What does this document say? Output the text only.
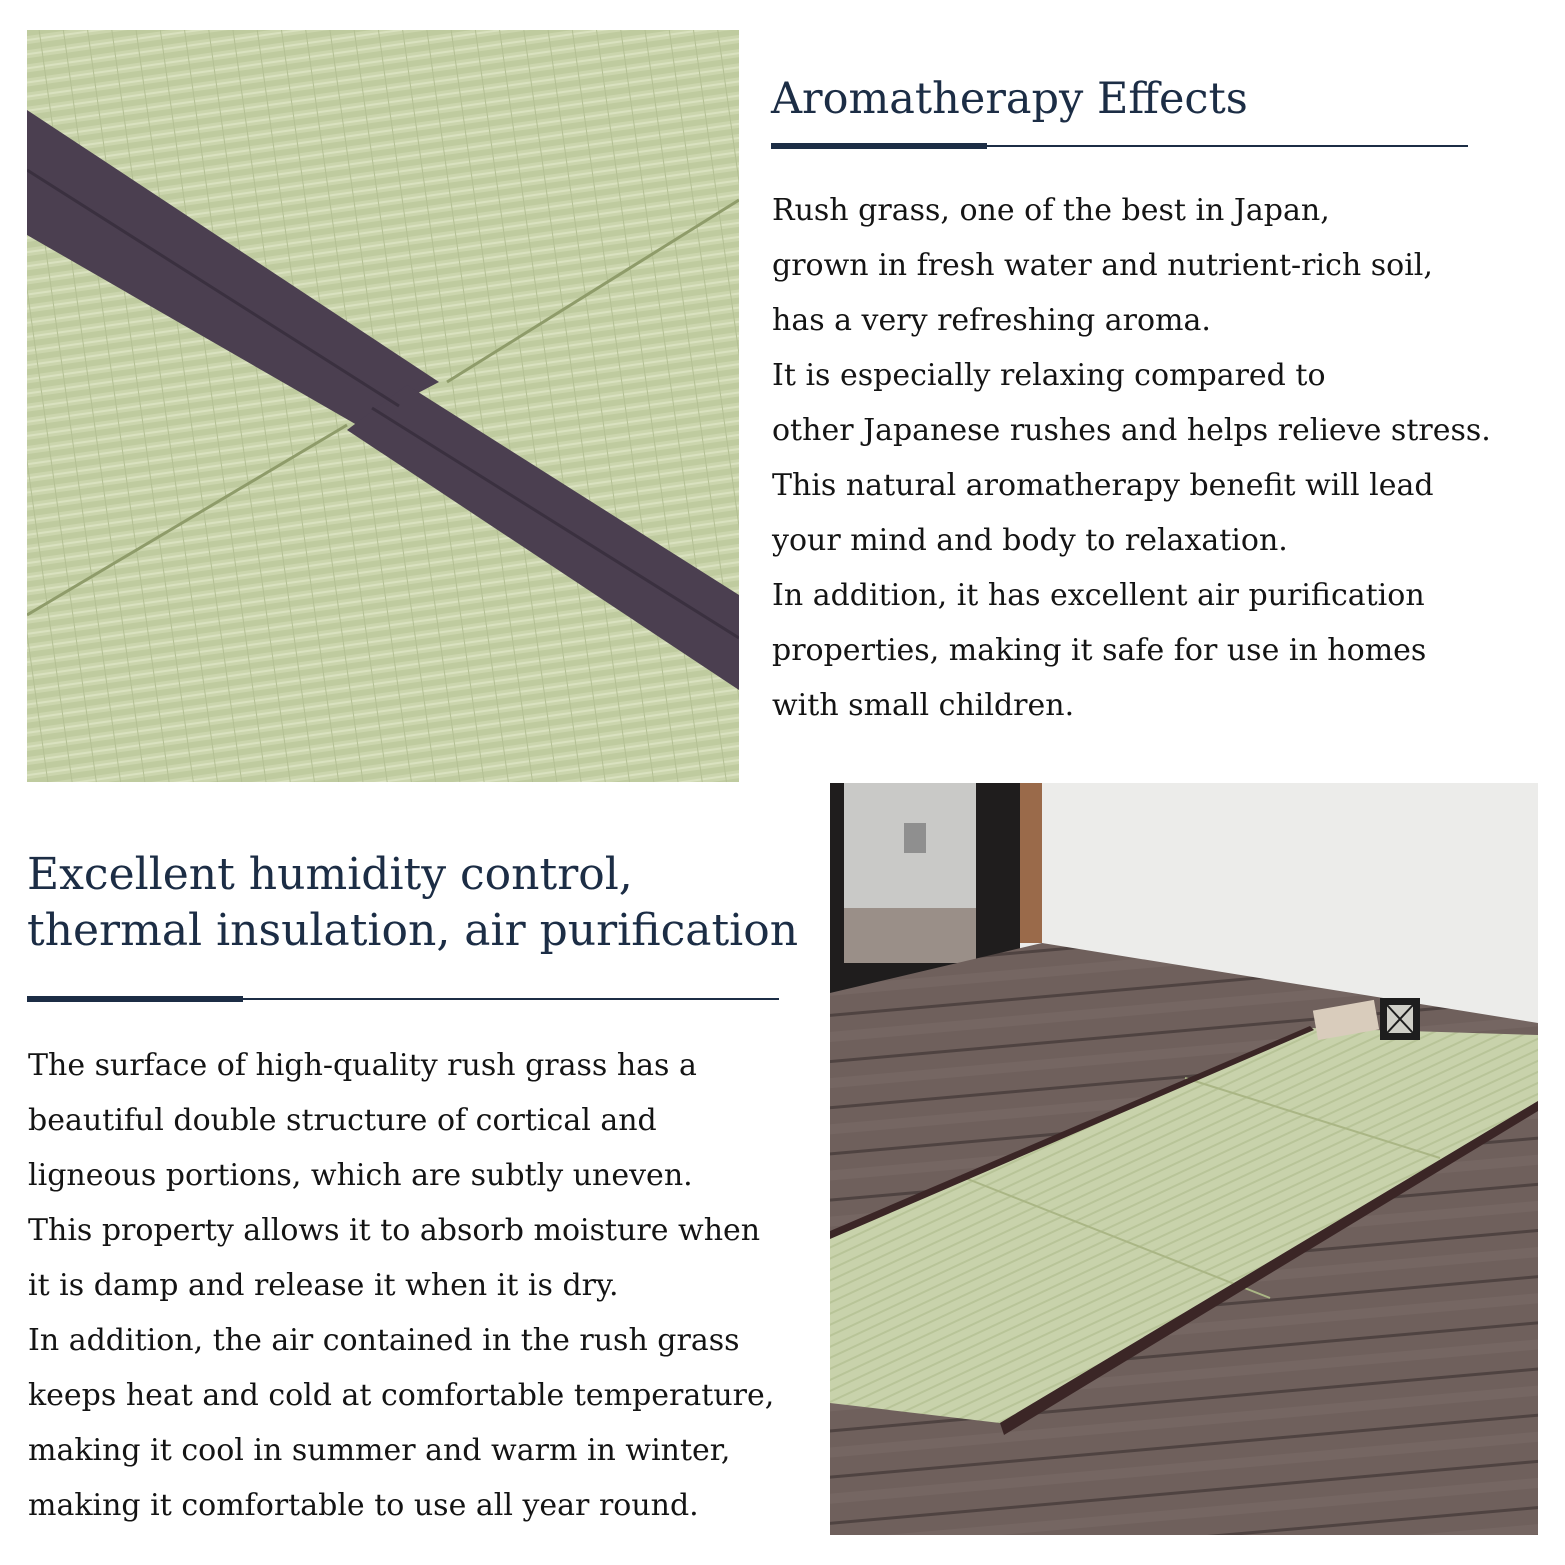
Aromatherapy Effects

Rush grass, one of the best in Japan,
grown in fresh water and nutrient-rich soil,
has a very refreshing aroma.
It is especially relaxing compared to
other Japanese rushes and helps relieve stress.
This natural aromatherapy benefit will lead
your mind and body to relaxation.
In addition, it has excellent air purification
properties, making it safe for use in homes
with small children.

Excellent humidity control,
thermal insulation, air purification

The surface of high-quality rush grass has a
beautiful double structure of cortical and
ligneous portions, which are subtly uneven.
This property allows it to absorb moisture when
it is damp and release it when it is dry.
In addition, the air contained in the rush grass
keeps heat and cold at comfortable temperature,
making it cool in summer and warm in winter,
making it comfortable to use all year round.
